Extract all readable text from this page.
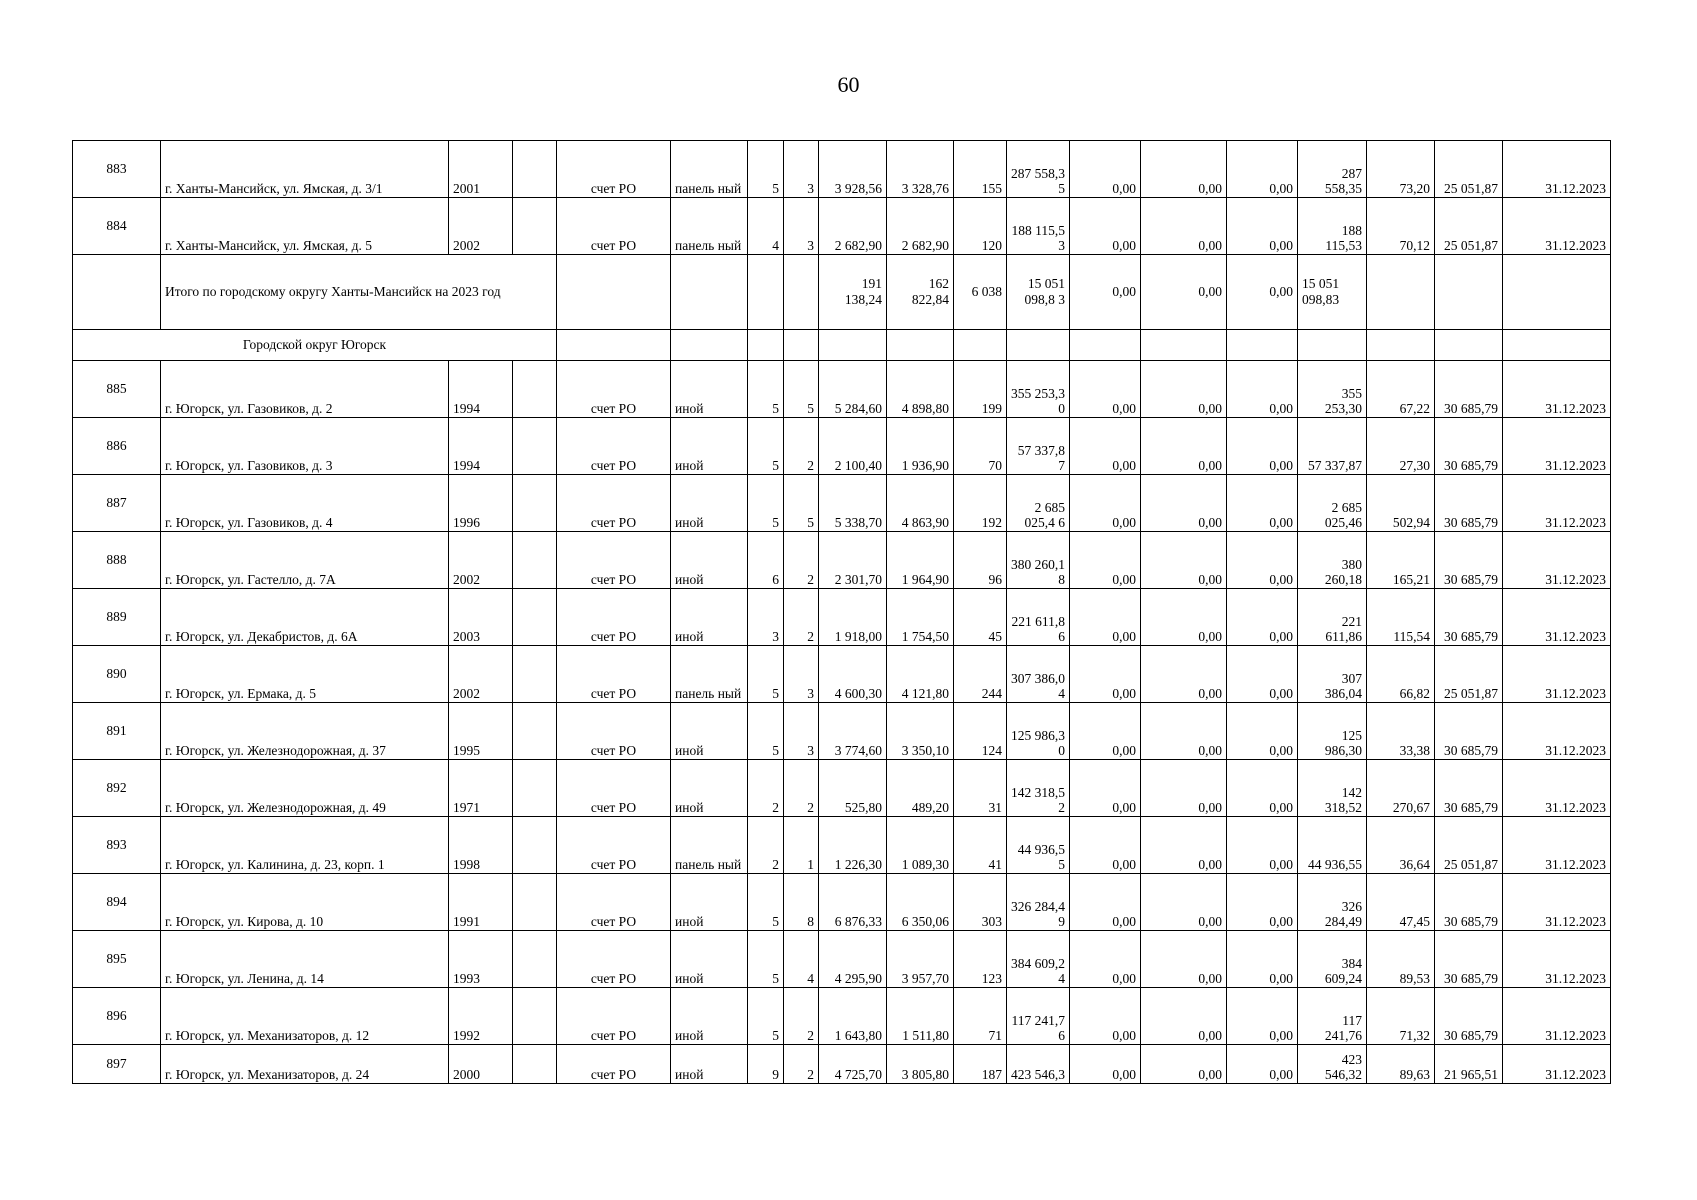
60
883	г. Ханты-Мансийск, ул. Ямская, д. 3/1	2001		счет РО	панель ный	5	3	3 928,56	3 328,76	155	287 558,3 5	0,00	0,00	0,00	287 558,35	73,20	25 051,87	31.12.2023
884	г. Ханты-Мансийск, ул. Ямская, д. 5	2002		счет РО	панель ный	4	3	2 682,90	2 682,90	120	188 115,5 3	0,00	0,00	0,00	188 115,53	70,12	25 051,87	31.12.2023
	Итого по городскому округу Ханты-Мансийск на 2023 год							191 138,24	162 822,84	6 038	15 051 098,8 3	0,00	0,00	0,00	15 051 098,83			
Городской округ Югорск																		
885	г. Югорск, ул. Газовиков, д. 2	1994		счет РО	иной	5	5	5 284,60	4 898,80	199	355 253,3 0	0,00	0,00	0,00	355 253,30	67,22	30 685,79	31.12.2023
886	г. Югорск, ул. Газовиков, д. 3	1994		счет РО	иной	5	2	2 100,40	1 936,90	70	57 337,8 7	0,00	0,00	0,00	57 337,87	27,30	30 685,79	31.12.2023
887	г. Югорск, ул. Газовиков, д. 4	1996		счет РО	иной	5	5	5 338,70	4 863,90	192	2 685 025,4 6	0,00	0,00	0,00	2 685 025,46	502,94	30 685,79	31.12.2023
888	г. Югорск, ул. Гастелло, д. 7А	2002		счет РО	иной	6	2	2 301,70	1 964,90	96	380 260,1 8	0,00	0,00	0,00	380 260,18	165,21	30 685,79	31.12.2023
889	г. Югорск, ул. Декабристов, д. 6А	2003		счет РО	иной	3	2	1 918,00	1 754,50	45	221 611,8 6	0,00	0,00	0,00	221 611,86	115,54	30 685,79	31.12.2023
890	г. Югорск, ул. Ермака, д. 5	2002		счет РО	панель ный	5	3	4 600,30	4 121,80	244	307 386,0 4	0,00	0,00	0,00	307 386,04	66,82	25 051,87	31.12.2023
891	г. Югорск, ул. Железнодорожная, д. 37	1995		счет РО	иной	5	3	3 774,60	3 350,10	124	125 986,3 0	0,00	0,00	0,00	125 986,30	33,38	30 685,79	31.12.2023
892	г. Югорск, ул. Железнодорожная, д. 49	1971		счет РО	иной	2	2	525,80	489,20	31	142 318,5 2	0,00	0,00	0,00	142 318,52	270,67	30 685,79	31.12.2023
893	г. Югорск, ул. Калинина, д. 23, корп. 1	1998		счет РО	панель ный	2	1	1 226,30	1 089,30	41	44 936,5 5	0,00	0,00	0,00	44 936,55	36,64	25 051,87	31.12.2023
894	г. Югорск, ул. Кирова, д. 10	1991		счет РО	иной	5	8	6 876,33	6 350,06	303	326 284,4 9	0,00	0,00	0,00	326 284,49	47,45	30 685,79	31.12.2023
895	г. Югорск, ул. Ленина, д. 14	1993		счет РО	иной	5	4	4 295,90	3 957,70	123	384 609,2 4	0,00	0,00	0,00	384 609,24	89,53	30 685,79	31.12.2023
896	г. Югорск, ул. Механизаторов, д. 12	1992		счет РО	иной	5	2	1 643,80	1 511,80	71	117 241,7 6	0,00	0,00	0,00	117 241,76	71,32	30 685,79	31.12.2023
897	г. Югорск, ул. Механизаторов, д. 24	2000		счет РО	иной	9	2	4 725,70	3 805,80	187	423 546,3	0,00	0,00	0,00	423 546,32	89,63	21 965,51	31.12.2023
